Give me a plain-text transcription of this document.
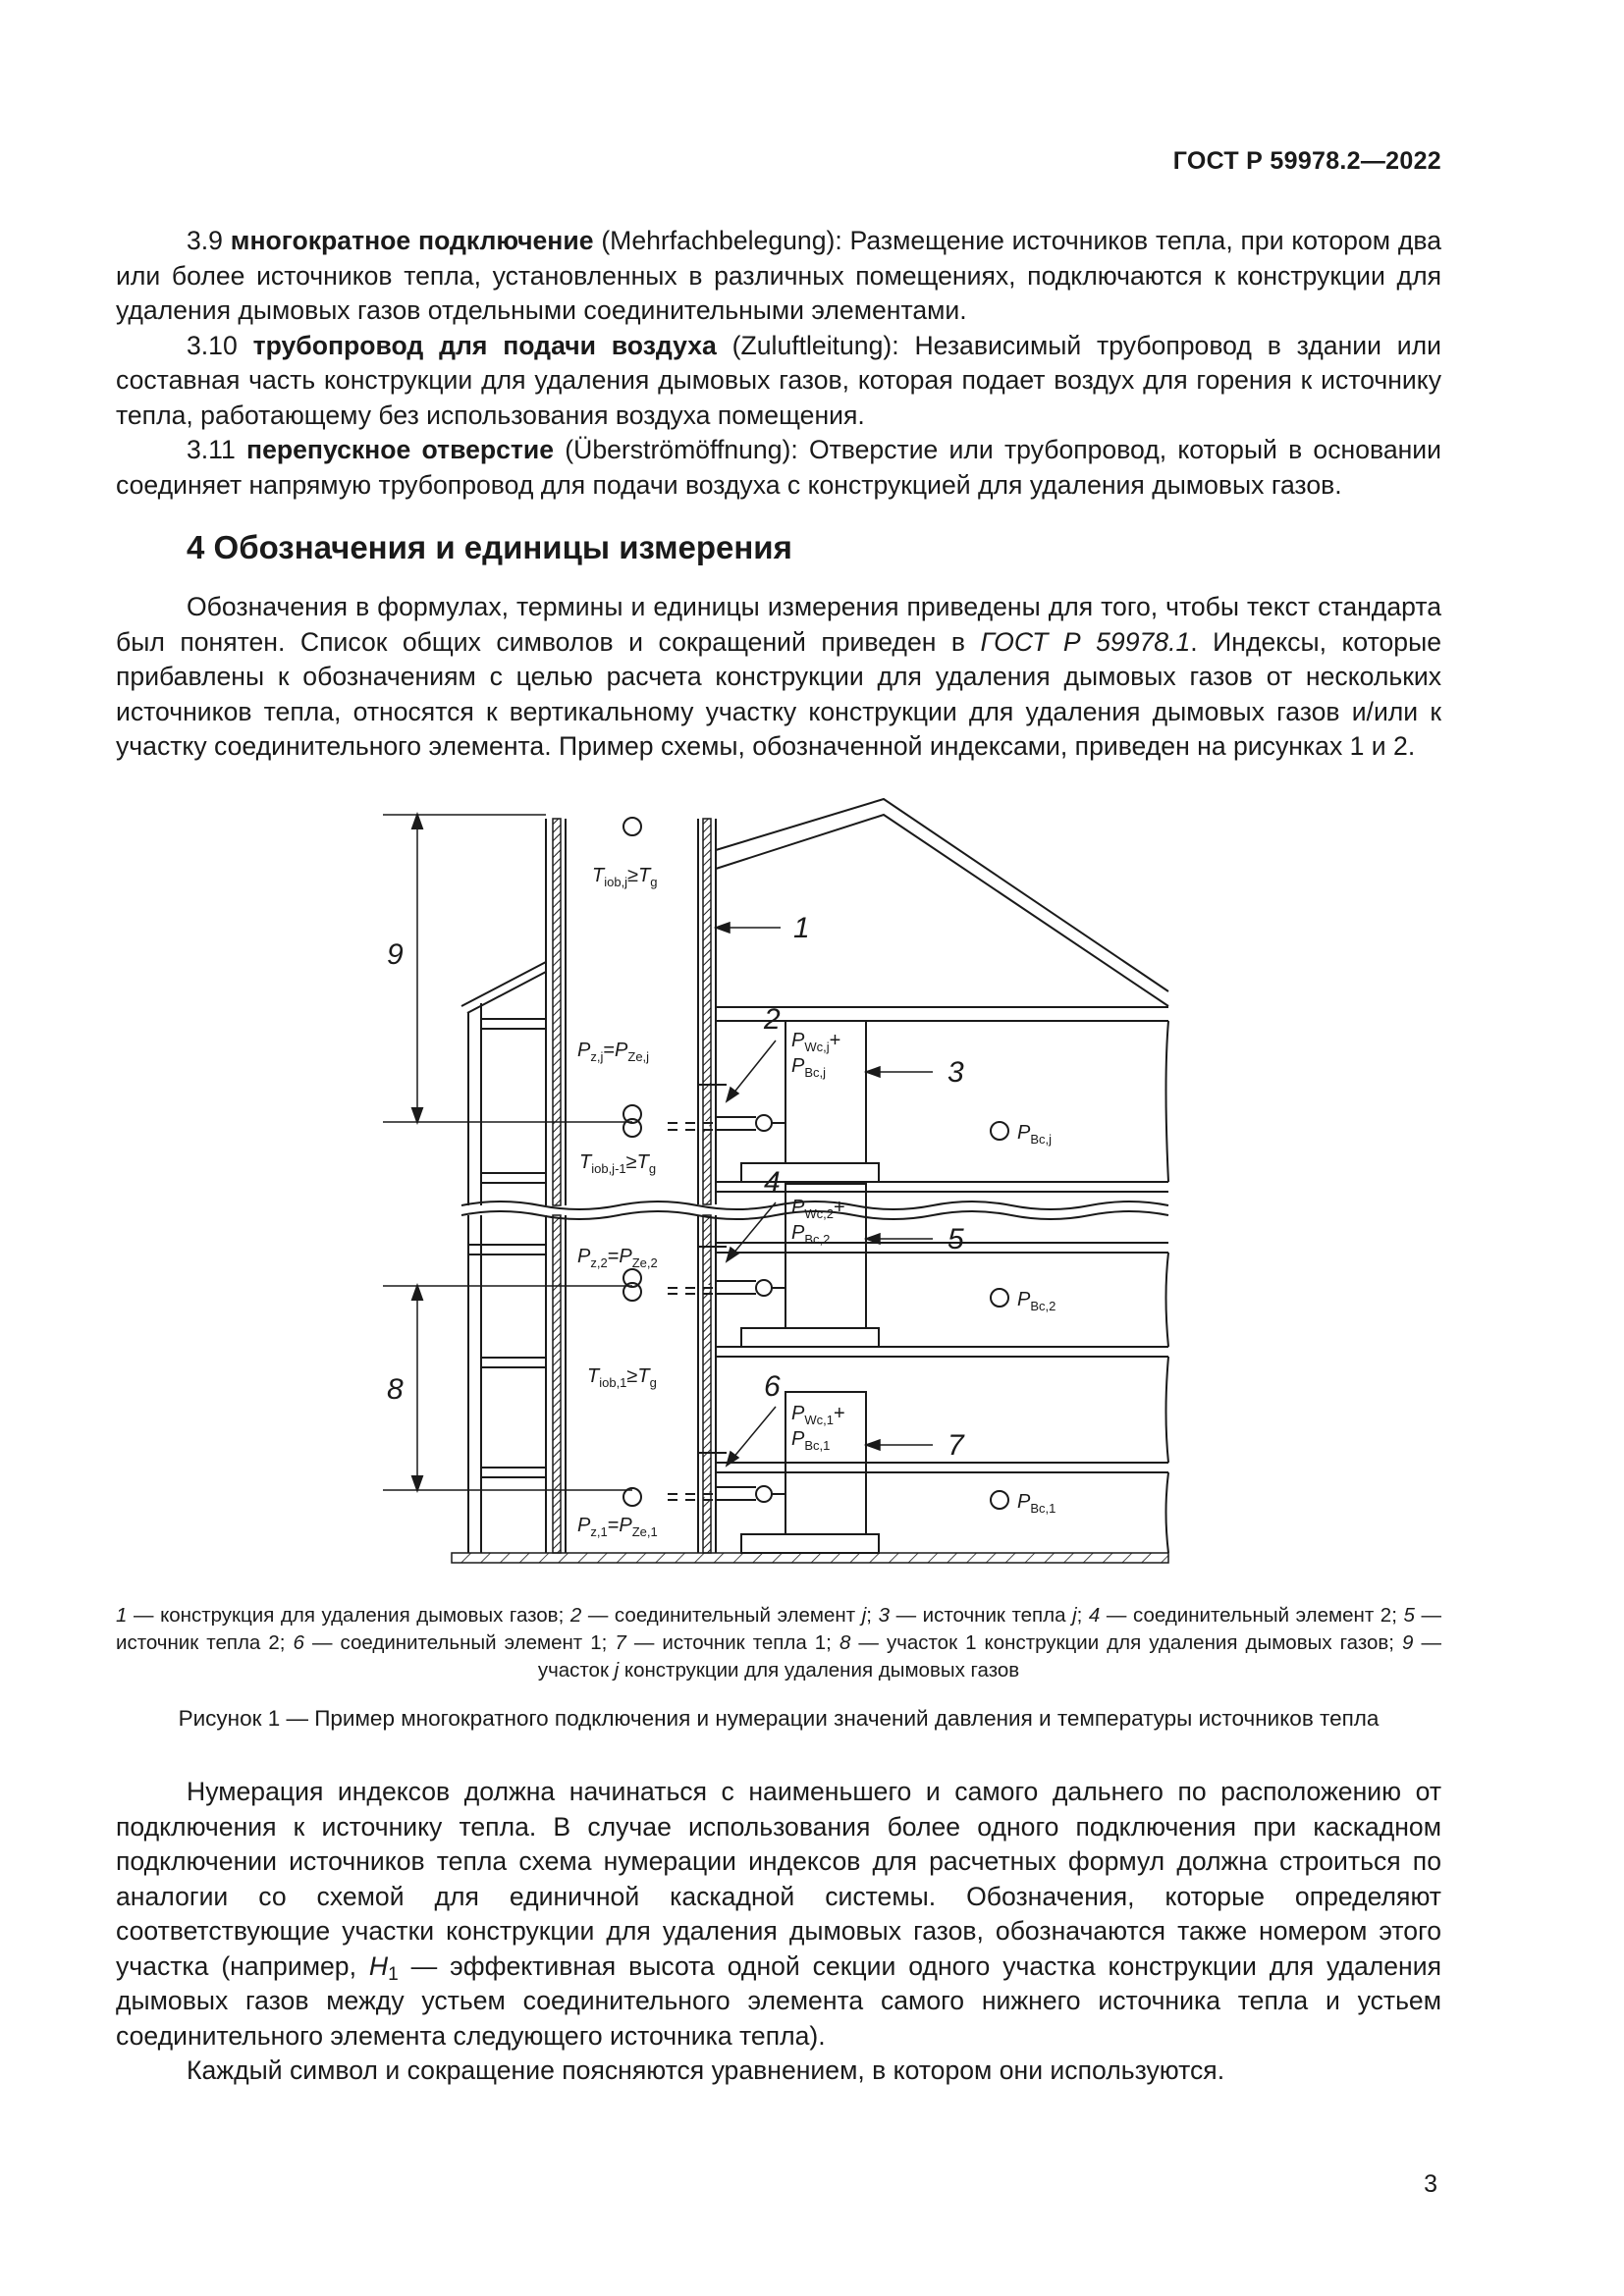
ГОСТ Р 59978.2—2022

3.9 многократное подключение (Mehrfachbelegung): Размещение источников тепла, при котором два или более источников тепла, установленных в различных помещениях, подключаются к конструкции для удаления дымовых газов отдельными соединительными элементами.

3.10 трубопровод для подачи воздуха (Zuluftleitung): Независимый трубопровод в здании или составная часть конструкции для удаления дымовых газов, которая подает воздух для горения к источнику тепла, работающему без использования воздуха помещения.

3.11 перепускное отверстие (Überströmöffnung): Отверстие или трубопровод, который в основании соединяет напрямую трубопровод для подачи воздуха с конструкцией для удаления дымовых газов.

4 Обозначения и единицы измерения

Обозначения в формулах, термины и единицы измерения приведены для того, чтобы текст стандарта был понятен. Список общих символов и сокращений приведен в ГОСТ Р 59978.1. Индексы, которые прибавлены к обозначениям с целью расчета конструкции для удаления дымовых газов от нескольких источников тепла, относятся к вертикальному участку конструкции для удаления дымовых газов и/или к участку соединительного элемента. Пример схемы, обозначенной индексами, приведен на рисунках 1 и 2.

1
2
3
4
5
6
7
8
9
$T_{iob,j}\ge T_g$
$P_{z,j}=P_{Ze,j}$
$T_{iob,j-1}\ge T_g$
$P_{Wc,j}+$
$P_{Bc,j}$
$P_{Bc,j}$
$P_{z,2}=P_{Ze,2}$
$P_{Wc,2}+$
$P_{Bc,2}$
$P_{Bc,2}$
$T_{iob,1}\ge T_g$
$P_{Wc,1}+$
$P_{Bc,1}$
$P_{z,1}=P_{Ze,1}$
$P_{Bc,1}$
1 — конструкция для удаления дымовых газов; 2 — соединительный элемент j; 3 — источник тепла j; 4 — соединительный элемент 2; 5 — источник тепла 2; 6 — соединительный элемент 1; 7 — источник тепла 1; 8 — участок 1 конструкции для удаления дымовых газов; 9 — участок j конструкции для удаления дымовых газов
Рисунок 1 — Пример многократного подключения и нумерации значений давления и температуры источников тепла

Нумерация индексов должна начинаться с наименьшего и самого дальнего по расположению от подключения к источнику тепла. В случае использования более одного подключения при каскадном подключении источников тепла схема нумерации индексов для расчетных формул должна строиться по аналогии со схемой для единичной каскадной системы. Обозначения, которые определяют соответствующие участки конструкции для удаления дымовых газов, обозначаются также номером этого участка (например, $H_1$ — эффективная высота одной секции одного участка конструкции для удаления дымовых газов между устьем соединительного элемента самого нижнего источника тепла и устьем соединительного элемента следующего источника тепла).

Каждый символ и сокращение поясняются уравнением, в котором они используются.

3
